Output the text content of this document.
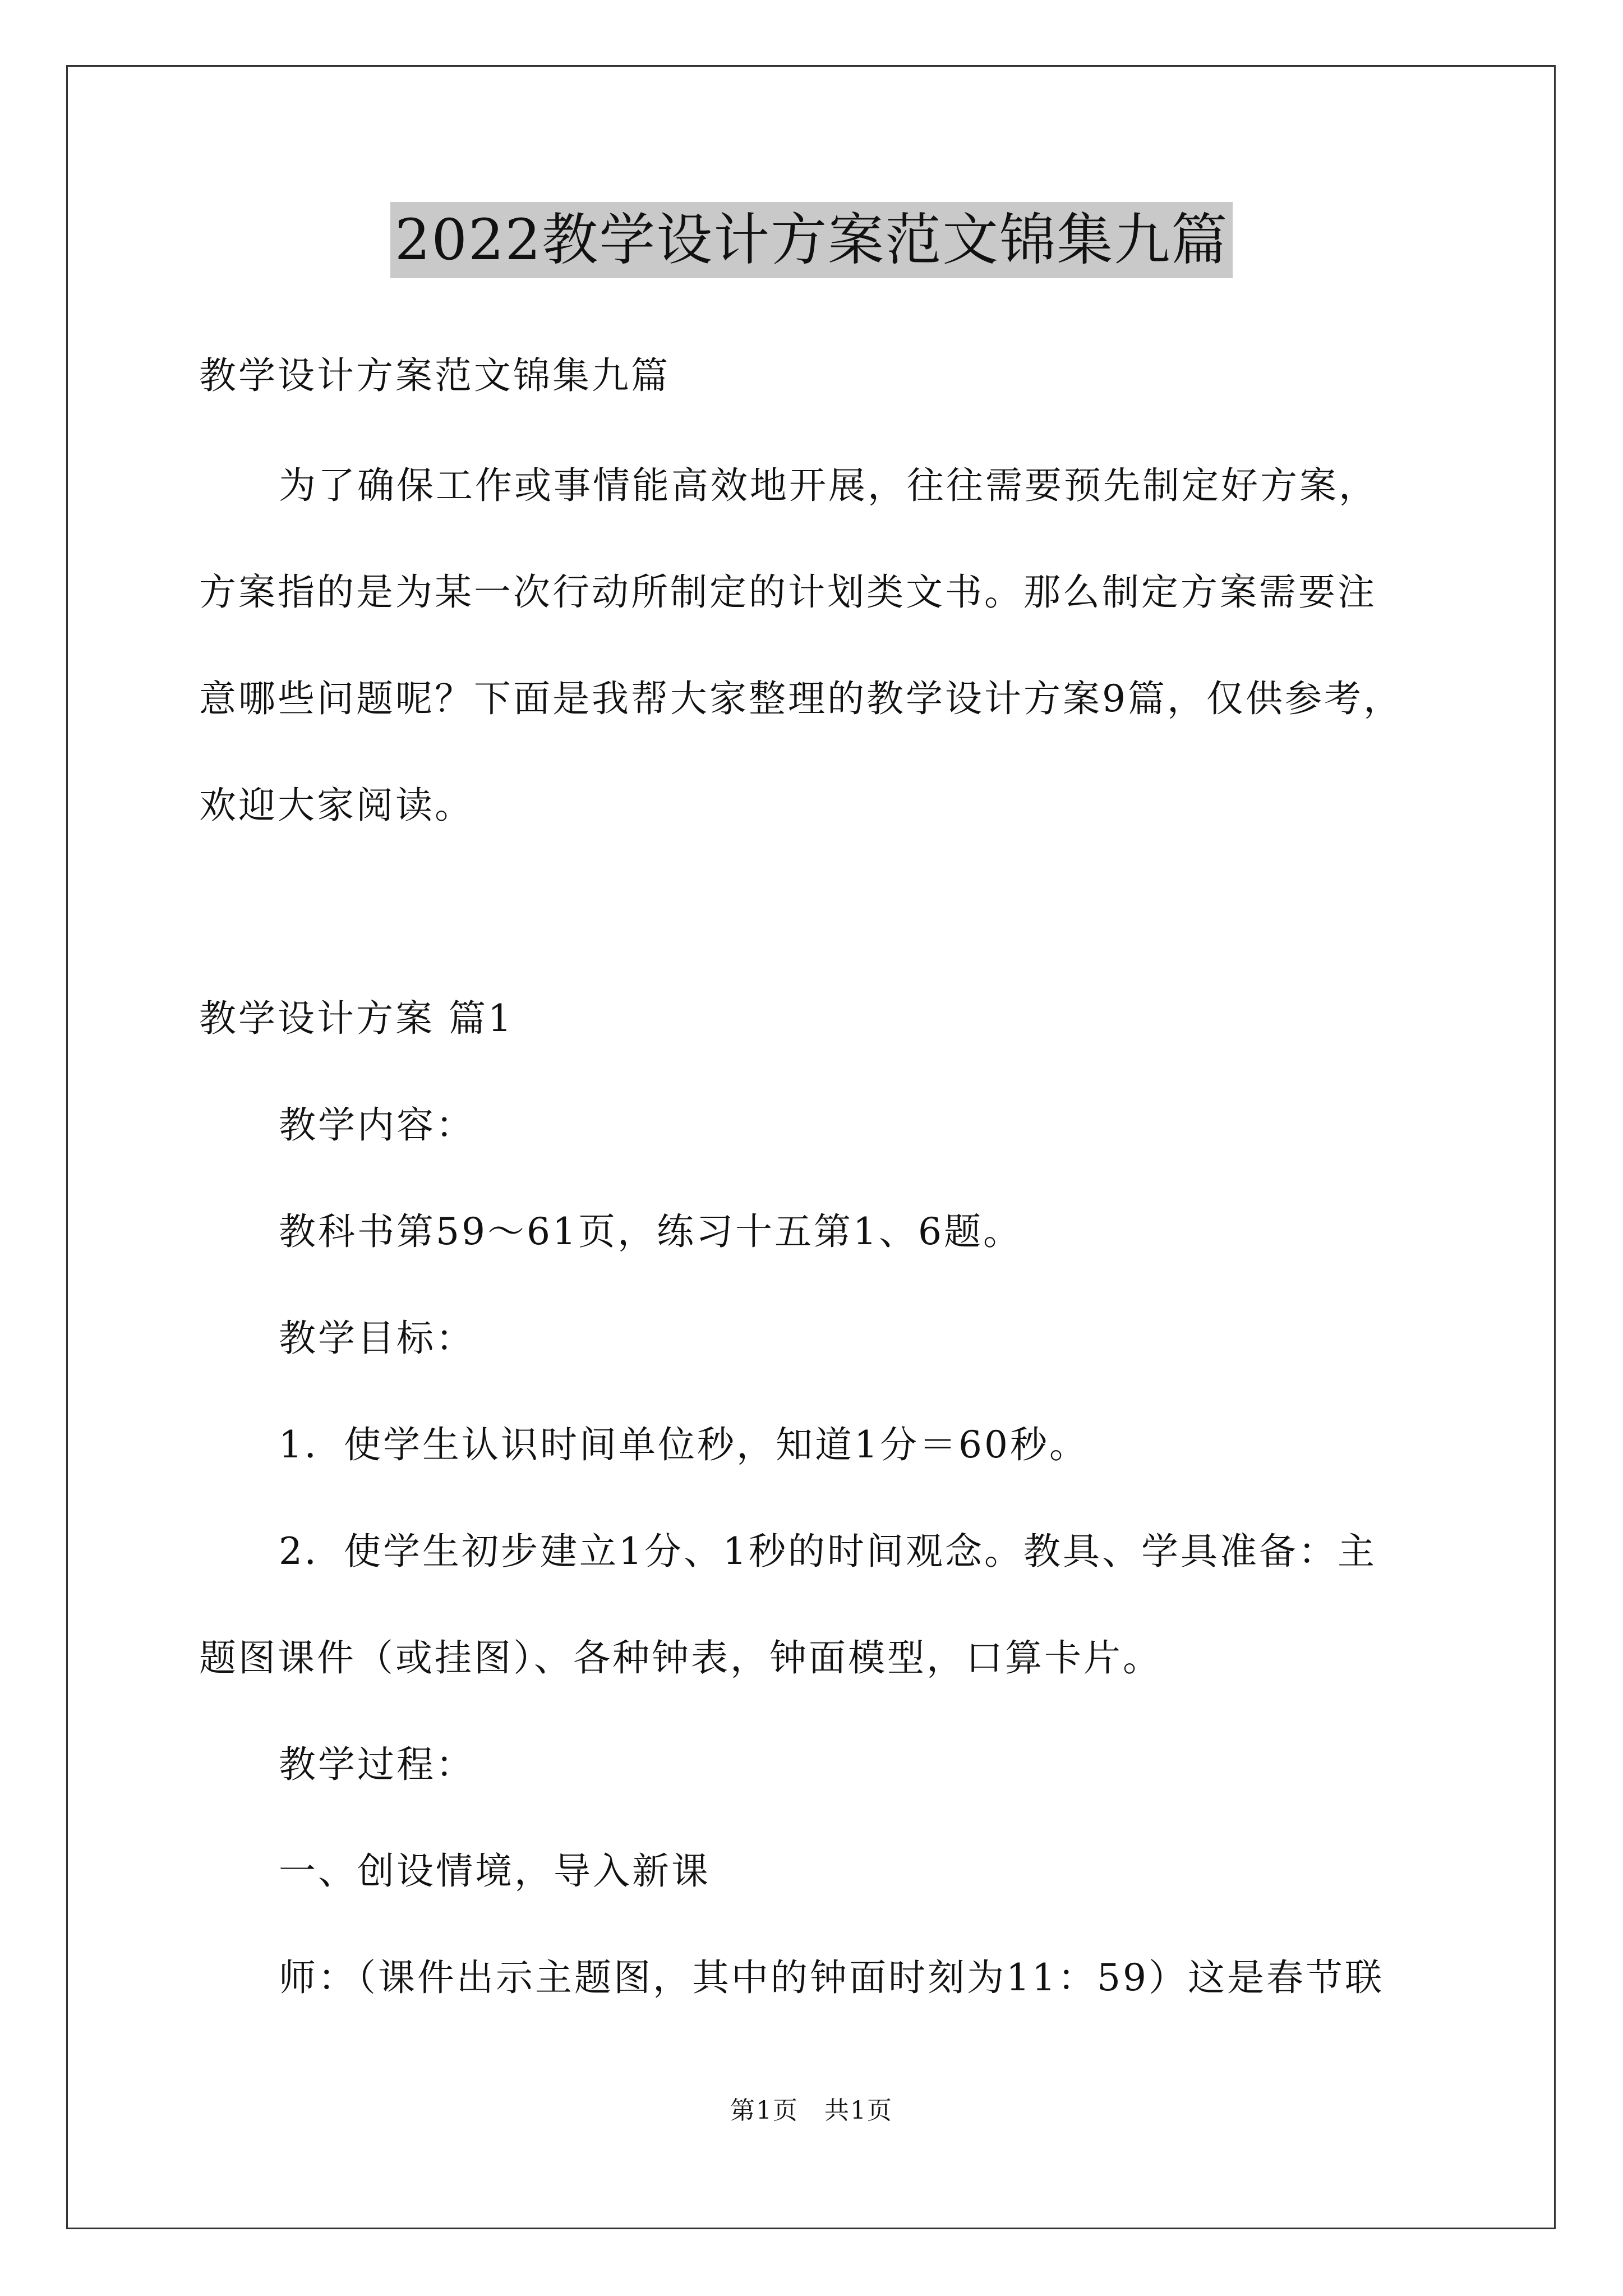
2022教学设计方案范文锦集九篇
教学设计方案范文锦集九篇
为了确保工作或事情能高效地开展，往往需要预先制定好方案，
方案指的是为某一次行动所制定的计划类文书。那么制定方案需要注
意哪些问题呢？下面是我帮大家整理的教学设计方案9篇，仅供参考，
欢迎大家阅读。
教学设计方案 篇1
教学内容：
教科书第59～61页，练习十五第1、6题。
教学目标：
1．使学生认识时间单位秒，知道1分＝60秒。
2．使学生初步建立1分、1秒的时间观念。教具、学具准备：主
题图课件（或挂图）、各种钟表，钟面模型，口算卡片。
教学过程：
一、创设情境，导入新课
师：（课件出示主题图，其中的钟面时刻为11：59）这是春节联
第1页　共1页
